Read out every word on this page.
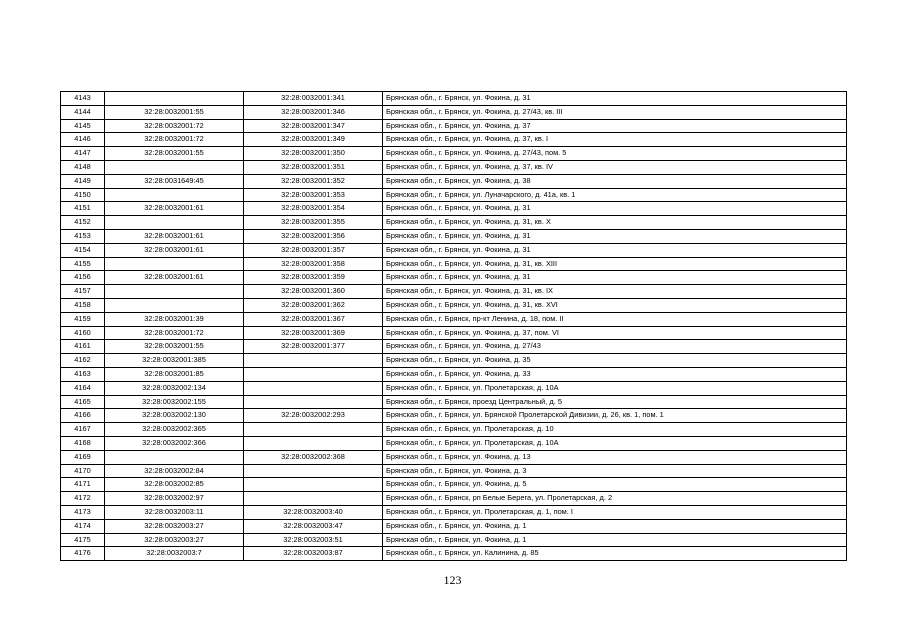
4143		32:28:0032001:341	Брянская обл., г. Брянск, ул. Фокина, д. 31
4144	32:28:0032001:55	32:28:0032001:346	Брянская обл., г. Брянск, ул. Фокина, д. 27/43, кв. III
4145	32:28:0032001:72	32:28:0032001:347	Брянская обл., г. Брянск, ул. Фокина, д. 37
4146	32:28:0032001:72	32:28:0032001:349	Брянская обл., г. Брянск, ул. Фокина, д. 37, кв. I
4147	32:28:0032001:55	32:28:0032001:350	Брянская обл., г. Брянск, ул. Фокина, д. 27/43, пом. 5
4148		32:28:0032001:351	Брянская обл., г. Брянск, ул. Фокина, д. 37, кв. IV
4149	32:28:0031649:45	32:28:0032001:352	Брянская обл., г. Брянск, ул. Фокина, д. 38
4150		32:28:0032001:353	Брянская обл., г. Брянск, ул. Луначарского, д. 41а, кв. 1
4151	32:28:0032001:61	32:28:0032001:354	Брянская обл., г. Брянск, ул. Фокина, д. 31
4152		32:28:0032001:355	Брянская обл., г. Брянск, ул. Фокина, д. 31, кв. X
4153	32:28:0032001:61	32:28:0032001:356	Брянская обл., г. Брянск, ул. Фокина, д. 31
4154	32:28:0032001:61	32:28:0032001:357	Брянская обл., г. Брянск, ул. Фокина, д. 31
4155		32:28:0032001:358	Брянская обл., г. Брянск, ул. Фокина, д. 31, кв. XIII
4156	32:28:0032001:61	32:28:0032001:359	Брянская обл., г. Брянск, ул. Фокина, д. 31
4157		32:28:0032001:360	Брянская обл., г. Брянск, ул. Фокина, д. 31, кв. IX
4158		32:28:0032001:362	Брянская обл., г. Брянск, ул. Фокина, д. 31, кв. XVI
4159	32:28:0032001:39	32:28:0032001:367	Брянская обл., г. Брянск, пр-кт Ленина, д. 18, пом. II
4160	32:28:0032001:72	32:28:0032001:369	Брянская обл., г. Брянск, ул. Фокина, д. 37, пом. VI
4161	32:28:0032001:55	32:28:0032001:377	Брянская обл., г. Брянск, ул. Фокина, д. 27/43
4162	32:28:0032001:385		Брянская обл., г. Брянск, ул. Фокина, д. 35
4163	32:28:0032001:85		Брянская обл., г. Брянск, ул. Фокина, д. 33
4164	32:28:0032002:134		Брянская обл., г. Брянск, ул. Пролетарская, д. 10А
4165	32:28:0032002:155		Брянская обл., г. Брянск, проезд Центральный, д. 5
4166	32:28:0032002:130	32:28:0032002:293	Брянская обл., г. Брянск, ул. Брянской Пролетарской Дивизии, д. 26, кв. 1, пом. 1
4167	32:28:0032002:365		Брянская обл., г. Брянск, ул. Пролетарская, д. 10
4168	32:28:0032002:366		Брянская обл., г. Брянск, ул. Пролетарская, д. 10А
4169		32:28:0032002:368	Брянская обл., г. Брянск, ул. Фокина, д. 13
4170	32:28:0032002:84		Брянская обл., г. Брянск, ул. Фокина, д. 3
4171	32:28:0032002:85		Брянская обл., г. Брянск, ул. Фокина, д. 5
4172	32:28:0032002:97		Брянская обл., г. Брянск, рп Белые Берега, ул. Пролетарская, д. 2
4173	32:28:0032003:11	32:28:0032003:40	Брянская обл., г. Брянск, ул. Пролетарская, д. 1, пом. I
4174	32:28:0032003:27	32:28:0032003:47	Брянская обл., г. Брянск, ул. Фокина, д. 1
4175	32:28:0032003:27	32:28:0032003:51	Брянская обл., г. Брянск, ул. Фокина, д. 1
4176	32:28:0032003:7	32:28:0032003:87	Брянская обл., г. Брянск, ул. Калинина, д. 85
123
